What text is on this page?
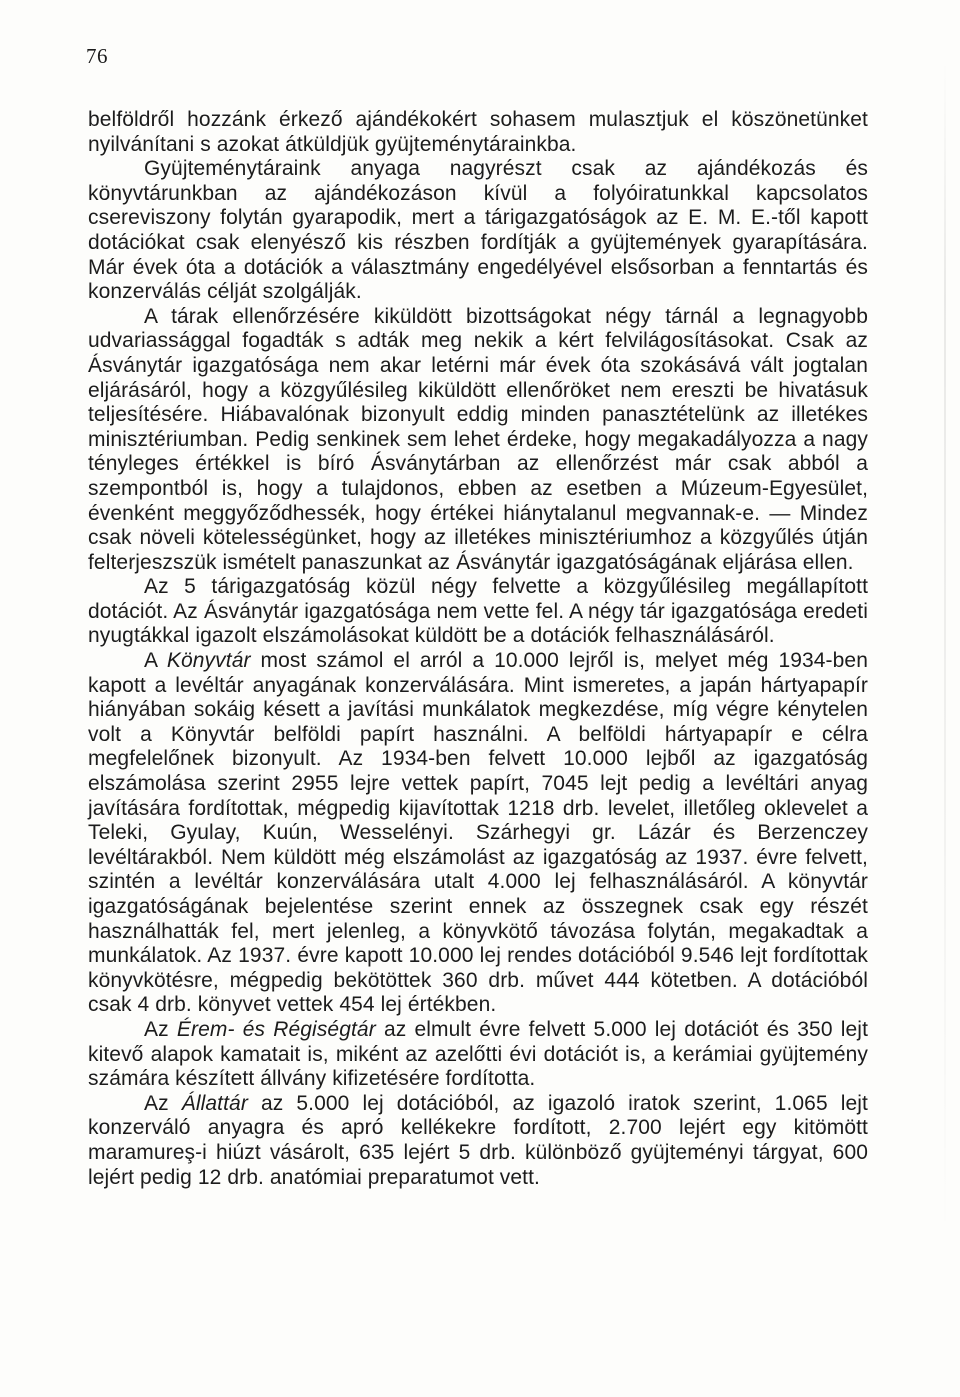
76

belföldről hozzánk érkező ajándékokért sohasem mulasztjuk el köszönetünket nyilvánítani s azokat átküldjük gyüjteménytárainkba.

Gyüjteménytáraink anyaga nagyrészt csak az ajándékozás és könyvtárunkban az ajándékozáson kívül a folyóiratunkkal kapcsolatos csereviszony folytán gyarapodik, mert a tárigazgatóságok az E. M. E.-től kapott dotációkat csak elenyésző kis részben fordítják a gyüjtemények gyarapítására. Már évek óta a dotációk a választmány engedélyével elsősorban a fenntartás és konzerválás célját szolgálják.

A tárak ellenőrzésére kiküldött bizottságokat négy tárnál a legnagyobb udvariassággal fogadták s adták meg nekik a kért felvilágosításokat. Csak az Ásványtár igazgatósága nem akar letérni már évek óta szokásává vált jogtalan eljárásáról, hogy a közgyűlésileg kiküldött ellenőröket nem ereszti be hivatásuk teljesítésére. Hiábavalónak bizonyult eddig minden panasztételünk az illetékes minisztériumban. Pedig senkinek sem lehet érdeke, hogy megakadályozza a nagy tényleges értékkel is bíró Ásványtárban az ellenőrzést már csak abból a szempontból is, hogy a tulajdonos, ebben az esetben a Múzeum-Egyesület, évenként meggyőződhessék, hogy értékei hiánytalanul megvannak-e. — Mindez csak növeli kötelességünket, hogy az illetékes minisztériumhoz a közgyűlés útján felterjeszszük ismételt panaszunkat az Ásványtár igazgatóságának eljárása ellen.

Az 5 tárigazgatóság közül négy felvette a közgyűlésileg megállapított dotációt. Az Ásványtár igazgatósága nem vette fel. A négy tár igazgatósága eredeti nyugtákkal igazolt elszámolásokat küldött be a dotációk felhasználásáról.

A Könyvtár most számol el arról a 10.000 lejről is, melyet még 1934-ben kapott a levéltár anyagának konzerválására. Mint ismeretes, a japán hártyapapír hiányában sokáig késett a javítási munkálatok megkezdése, míg végre kénytelen volt a Könyvtár belföldi papírt használni. A belföldi hártyapapír e célra megfelelőnek bizonyult. Az 1934-ben felvett 10.000 lejből az igazgatóság elszámolása szerint 2955 lejre vettek papírt, 7045 lejt pedig a levéltári anyag javítására fordítottak, mégpedig kijavítottak 1218 drb. levelet, illetőleg oklevelet a Teleki, Gyulay, Kuún, Wesselényi. Szárhegyi gr. Lázár és Berzenczey levéltárakból. Nem küldött még elszámolást az igazgatóság az 1937. évre felvett, szintén a levéltár konzerválására utalt 4.000 lej felhasználásáról. A könyvtár igazgatóságának bejelentése szerint ennek az összegnek csak egy részét használhatták fel, mert jelenleg, a könyvkötő távozása folytán, megakadtak a munkálatok. Az 1937. évre kapott 10.000 lej rendes dotációból 9.546 lejt fordítottak könyvkötésre, mégpedig bekötöttek 360 drb. művet 444 kötetben. A dotációból csak 4 drb. könyvet vettek 454 lej értékben.

Az Érem- és Régiségtár az elmult évre felvett 5.000 lej dotációt és 350 lejt kitevő alapok kamatait is, miként az azelőtti évi dotációt is, a kerámiai gyüjtemény számára készített állvány kifizetésére fordította.

Az Állattár az 5.000 lej dotációból, az igazoló iratok szerint, 1.065 lejt konzerváló anyagra és apró kellékekre fordított, 2.700 lejért egy kitömött maramureş-i hiúzt vásárolt, 635 lejért 5 drb. különböző gyüjteményi tárgyat, 600 lejért pedig 12 drb. anatómiai preparatumot vett.
